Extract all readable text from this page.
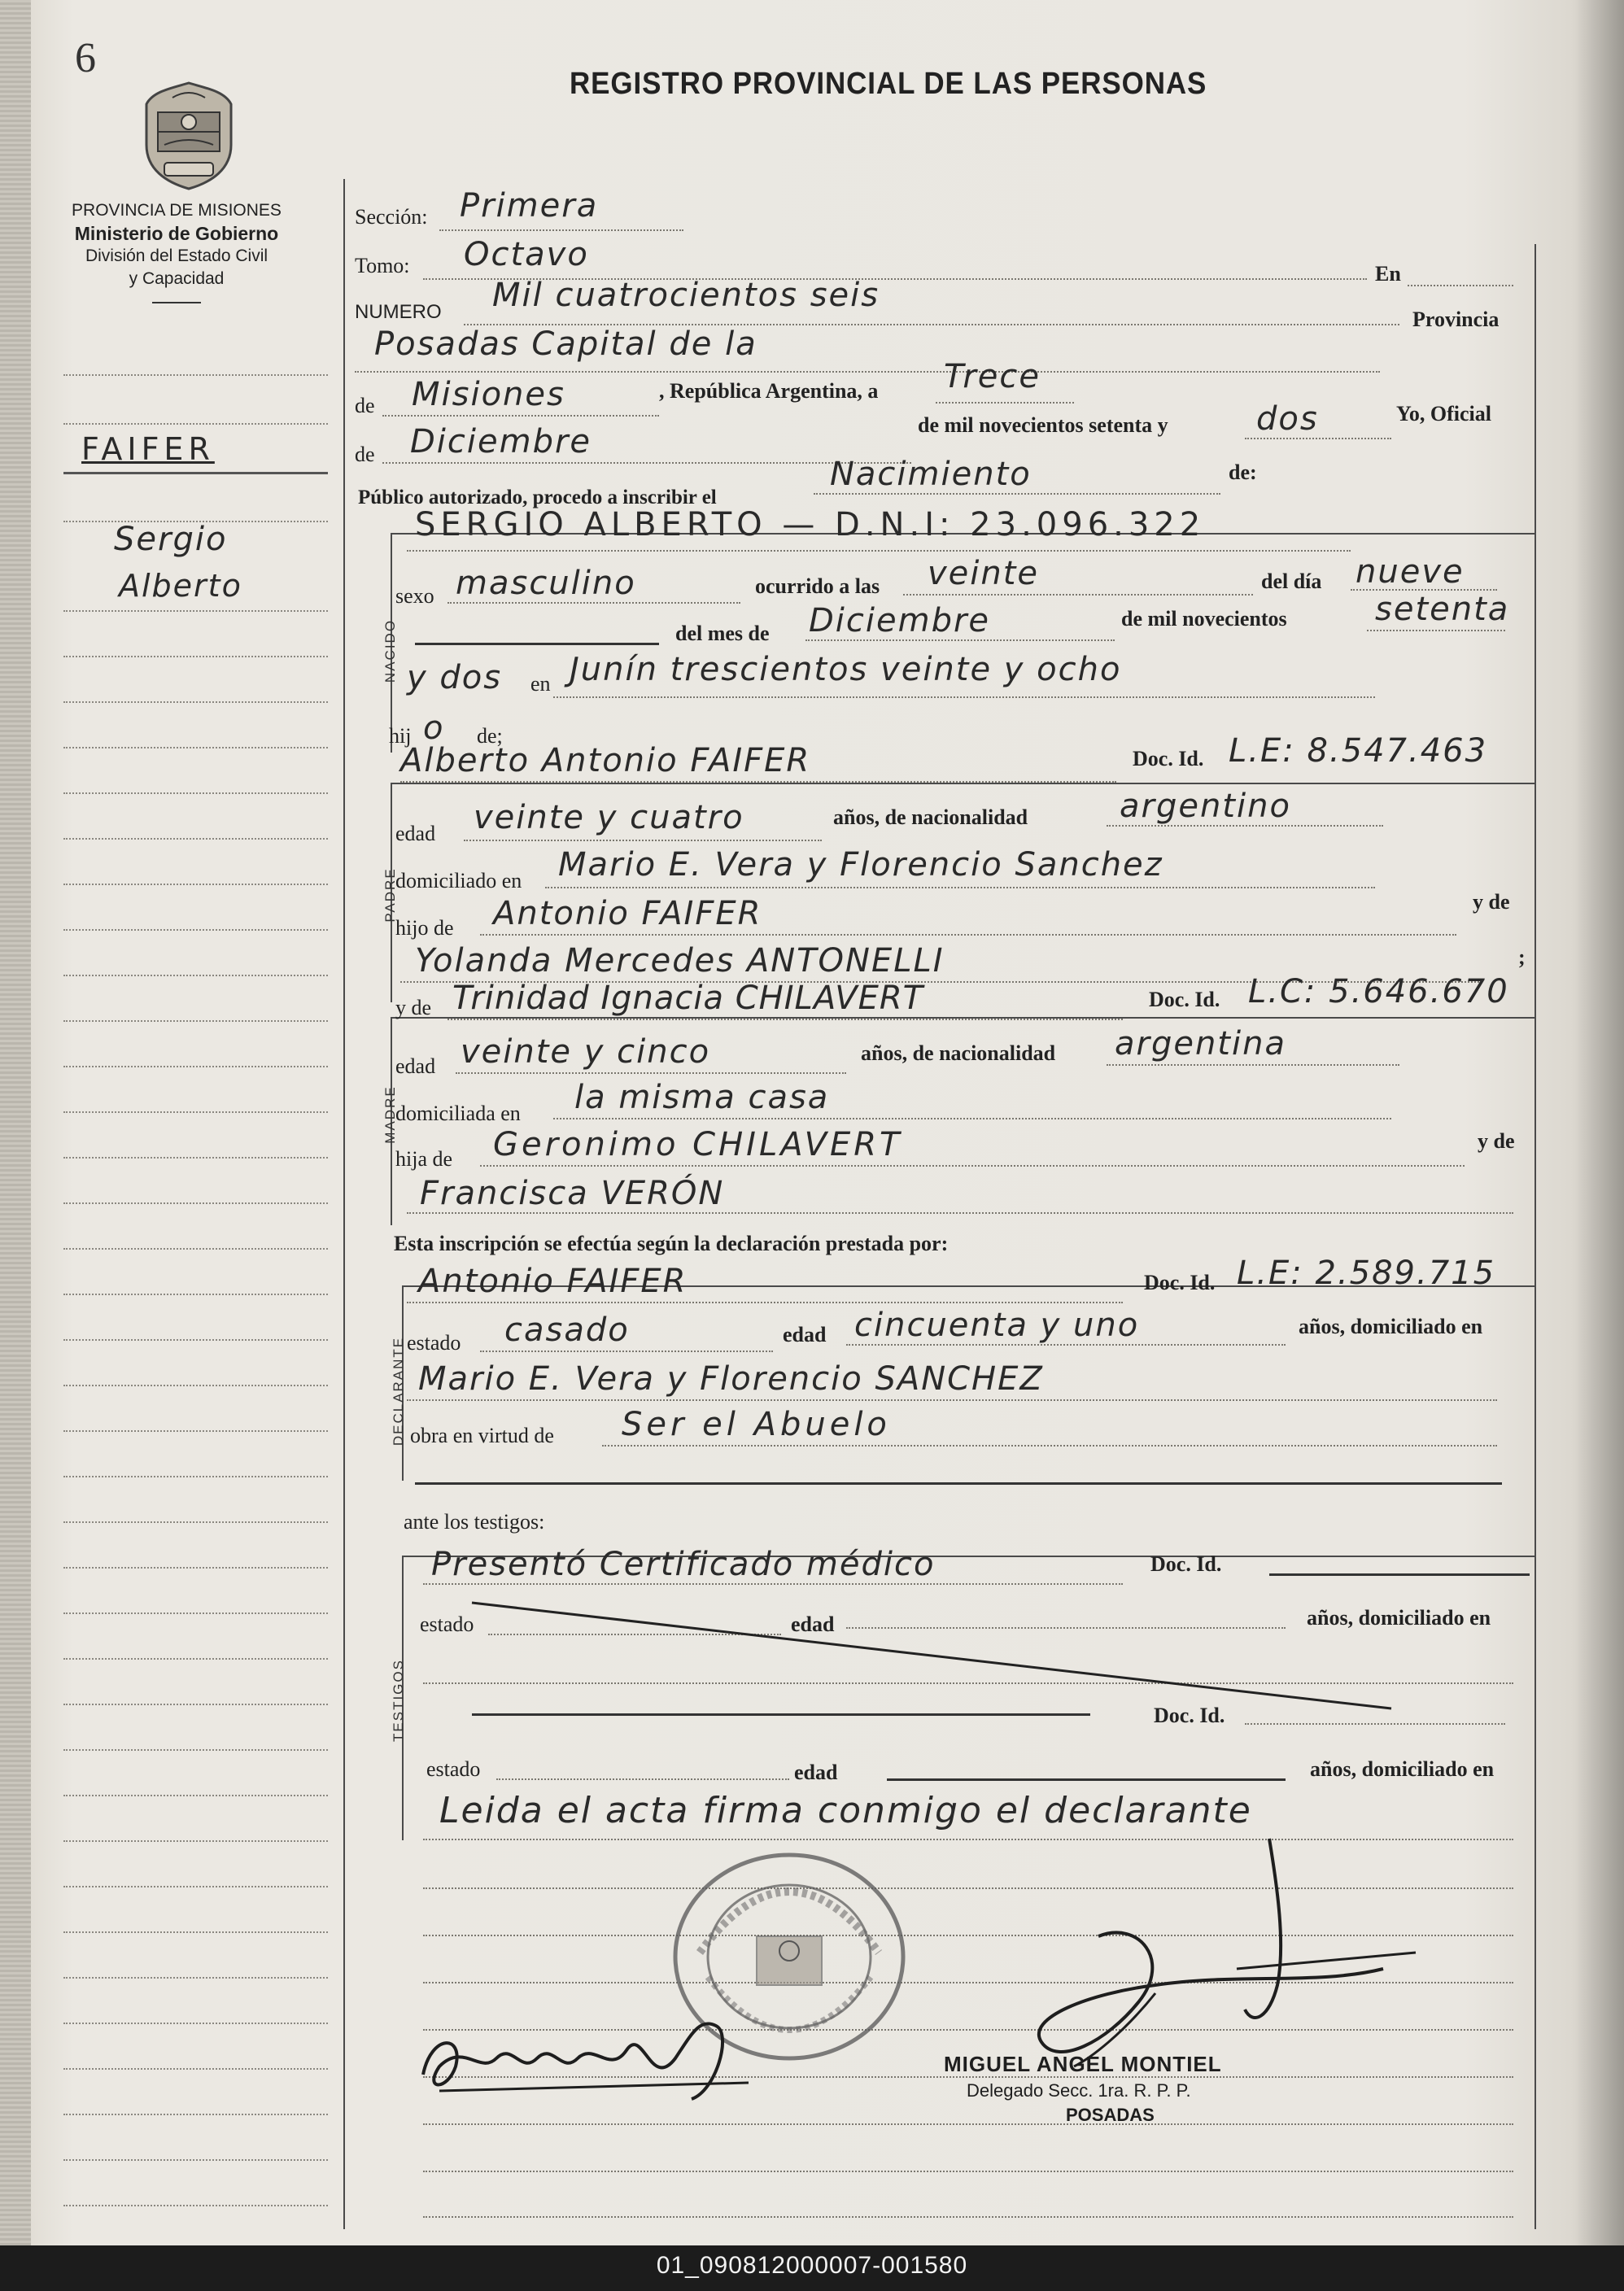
6
REGISTRO PROVINCIAL DE LAS PERSONAS
PROVINCIA DE MISIONES
Ministerio de Gobierno
División del Estado Civil
y Capacidad
FAIFER
Sergio
Alberto
Sección: Primera
Tomo: Octavo
En
NUMERO Mil cuatrocientos seis
Provincia
Posadas Capital de la
de Misiones	, República Argentina, a Trece
de Diciembre	de mil novecientos setenta y	dos	Yo, Oficial
Público autorizado, procedo a inscribir el
Nacimiento	de:
NACIDO
SERGIO ALBERTO — D.N.I: 23.096.322
sexo masculino	ocurrido a las veinte	del día nueve
del mes de Diciembre	de mil novecientos	setenta
y dos en Junín trescientos veinte y ocho
hij o de;
PADRE
Alberto Antonio FAIFER	Doc. Id. L.E: 8.547.463
edad veinte y cuatro	años, de nacionalidad	argentino
domiciliado en Mario E. Vera y Florencio Sanchez
hijo de Antonio FAIFER	y de
Yolanda Mercedes ANTONELLI	;
MADRE
y de Trinidad Ignacia CHILAVERT	Doc. Id. L.C: 5.646.670
edad veinte y cinco	años, de nacionalidad argentina
domiciliada en la misma casa
hija de Geronimo CHILAVERT	y de
Francisca VERÓN
Esta inscripción se efectúa según la declaración prestada por:
DECLARANTE
Antonio FAIFER	Doc. Id. L.E: 2.589.715
estado casado	edad cincuenta y uno	años, domiciliado en
Mario E. Vera y Florencio SANCHEZ
obra en virtud de Ser el Abuelo
ante los testigos:
TESTIGOS
Presentó Certificado médico	Doc. Id.
estado	edad	años, domiciliado en
Doc. Id.
estado	edad	años, domiciliado en
Leida el acta firma conmigo el declarante
MIGUEL ANGEL MONTIEL
Delegado Secc. 1ra. R. P. P.
POSADAS
01_090812000007-001580
